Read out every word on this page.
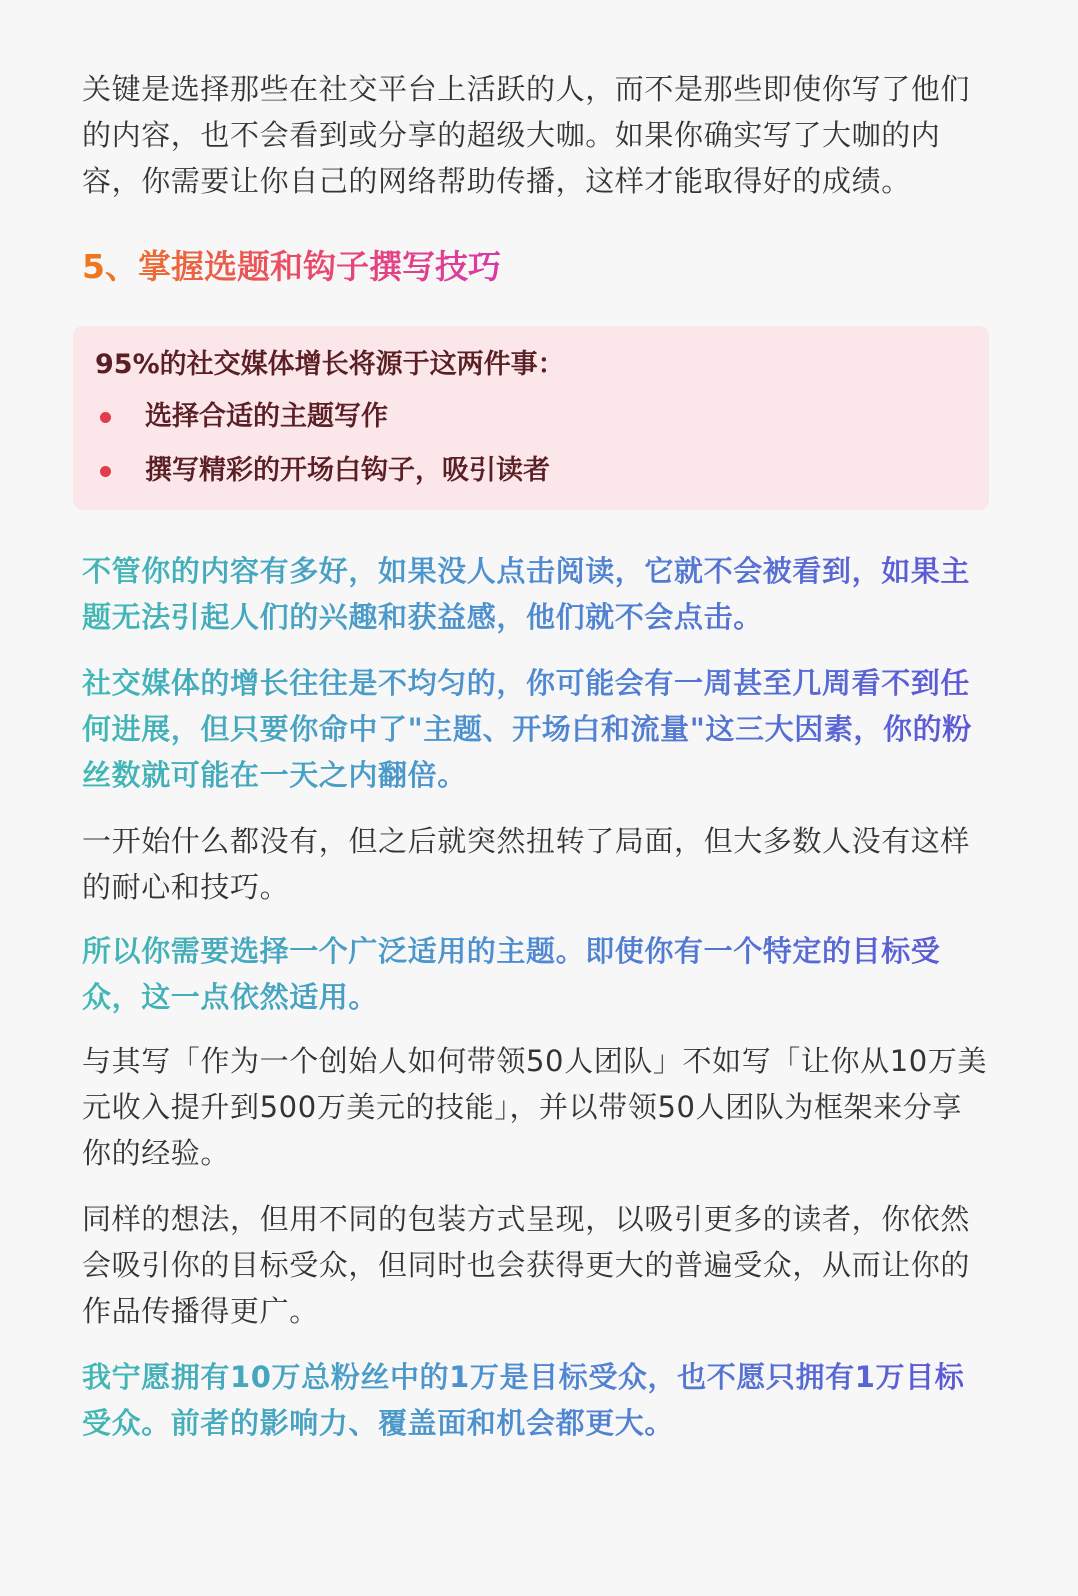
关键是选择那些在社交平台上活跃的人，而不是那些即使你写了他们的内容，也不会看到或分享的超级大咖。如果你确实写了大咖的内容，你需要让你自己的网络帮助传播，这样才能取得好的成绩。

5、掌握选题和钩子撰写技巧
95%的社交媒体增长将源于这两件事：
选择合适的主题写作
撰写精彩的开场白钩子，吸引读者

不管你的内容有多好，如果没人点击阅读，它就不会被看到，如果主题无法引起人们的兴趣和获益感，他们就不会点击。

社交媒体的增长往往是不均匀的，你可能会有一周甚至几周看不到任何进展，但只要你命中了"主题、开场白和流量"这三大因素，你的粉丝数就可能在一天之内翻倍。

一开始什么都没有，但之后就突然扭转了局面，但大多数人没有这样的耐心和技巧。

所以你需要选择一个广泛适用的主题。即使你有一个特定的目标受众，这一点依然适用。

与其写「作为一个创始人如何带领50人团队」不如写「让你从10万美元收入提升到500万美元的技能」，并以带领50人团队为框架来分享你的经验。

同样的想法，但用不同的包装方式呈现，以吸引更多的读者，你依然会吸引你的目标受众，但同时也会获得更大的普遍受众，从而让你的作品传播得更广。

我宁愿拥有10万总粉丝中的1万是目标受众，也不愿只拥有1万目标受众。前者的影响力、覆盖面和机会都更大。
